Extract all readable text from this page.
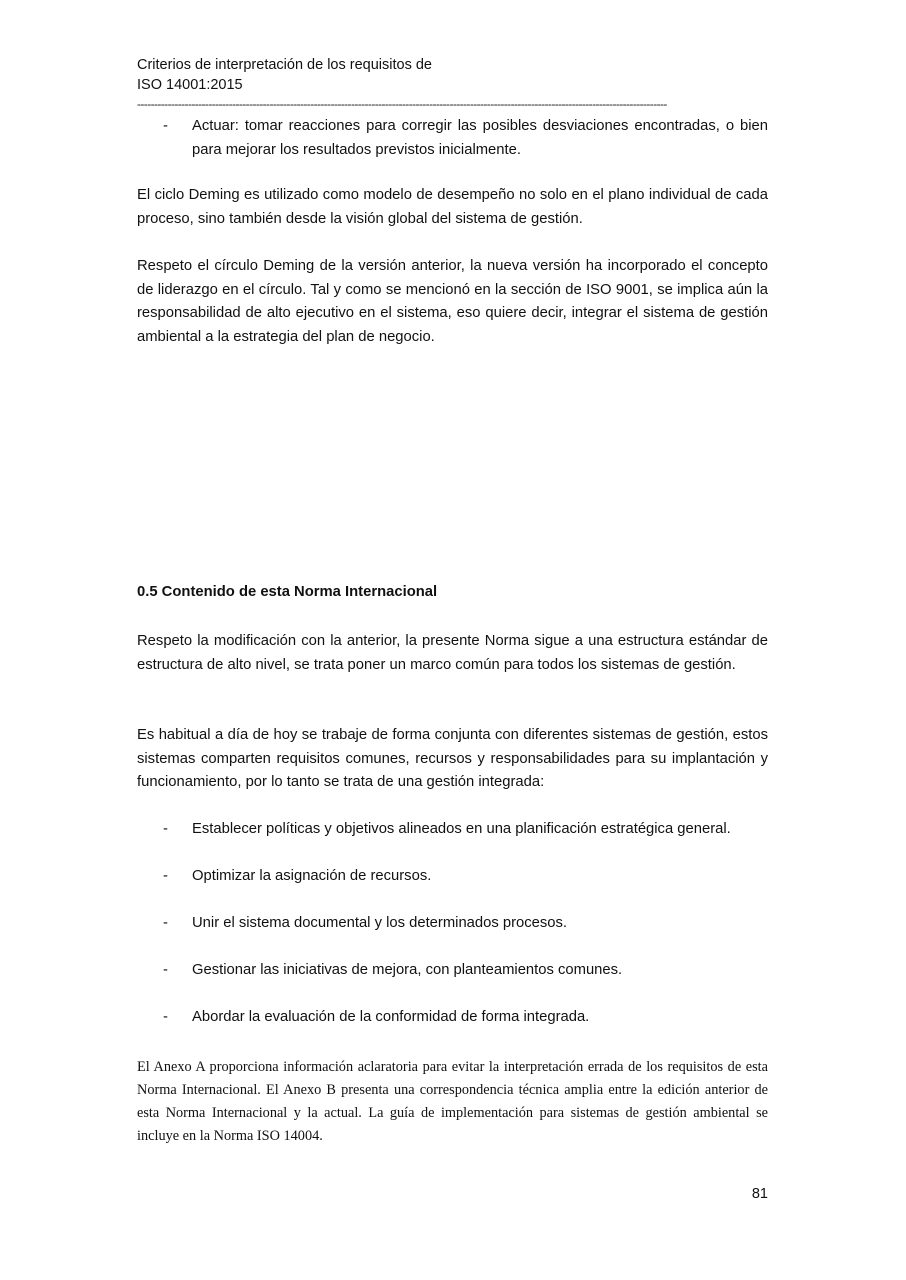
Criterios de interpretación de los requisitos de
ISO 14001:2015
------------------------------------------------------------------------------------------------------------------------------------------------------------
- Actuar: tomar reacciones para corregir las posibles desviaciones encontradas, o bien para mejorar los resultados previstos inicialmente.

El ciclo Deming es utilizado como modelo de desempeño no solo en el plano individual de cada proceso, sino también desde la visión global del sistema de gestión.

Respeto el círculo Deming de la versión anterior, la nueva versión ha incorporado el concepto de liderazgo en el círculo. Tal y como se mencionó en la sección de ISO 9001, se implica aún la responsabilidad de alto ejecutivo en el sistema, eso quiere decir, integrar el sistema de gestión ambiental a la estrategia del plan de negocio.

0.5 Contenido de esta Norma Internacional

Respeto la modificación con la anterior, la presente Norma sigue a una estructura estándar de estructura de alto nivel, se trata poner un marco común para todos los sistemas de gestión.

Es habitual a día de hoy se trabaje de forma conjunta con diferentes sistemas de gestión, estos sistemas comparten requisitos comunes, recursos y responsabilidades para su implantación y funcionamiento, por lo tanto se trata de una gestión integrada:

- Establecer políticas y objetivos alineados en una planificación estratégica general.
- Optimizar la asignación de recursos.
- Unir el sistema documental y los determinados procesos.
- Gestionar las iniciativas de mejora, con planteamientos comunes.
- Abordar la evaluación de la conformidad de forma integrada.

El Anexo A proporciona información aclaratoria para evitar la interpretación errada de los requisitos de esta Norma Internacional. El Anexo B presenta una correspondencia técnica amplia entre la edición anterior de esta Norma Internacional y la actual. La guía de implementación para sistemas de gestión ambiental se incluye en la Norma ISO 14004.

81
